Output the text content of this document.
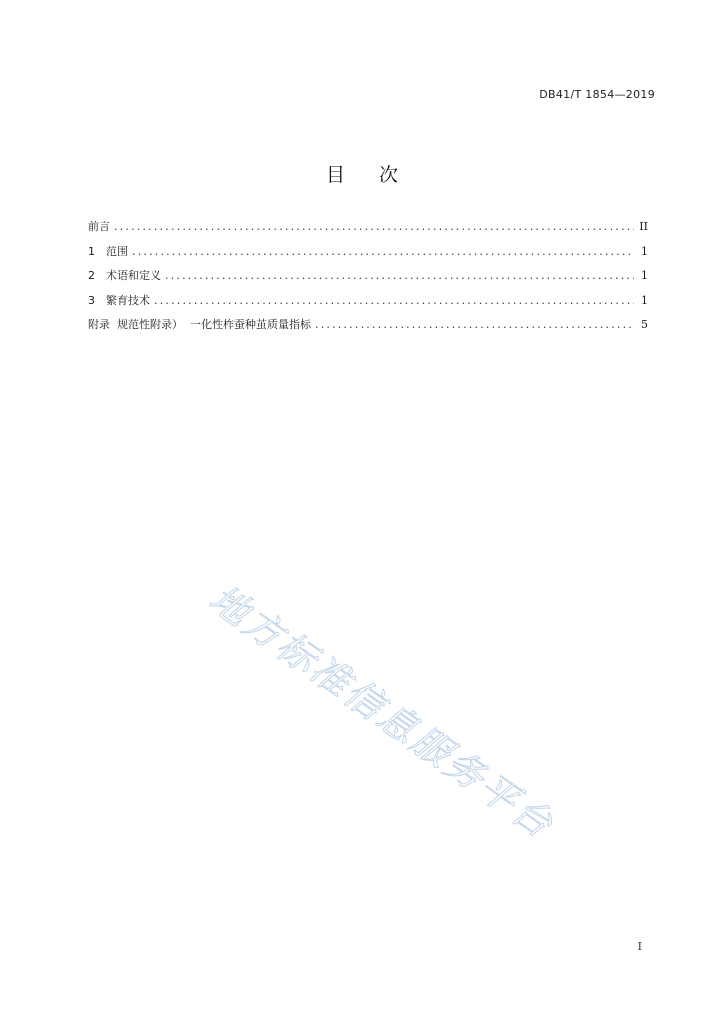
DB41/T 1854—2019
目 次
前言 .....	II
1 范围 .....	1
2 术语和定义 .....	1
3 繁育技术 .....	1
附录  规范性附录）  一化性柞蚕种茧质量指标 .....	5
地方标准信息服务平台
I
